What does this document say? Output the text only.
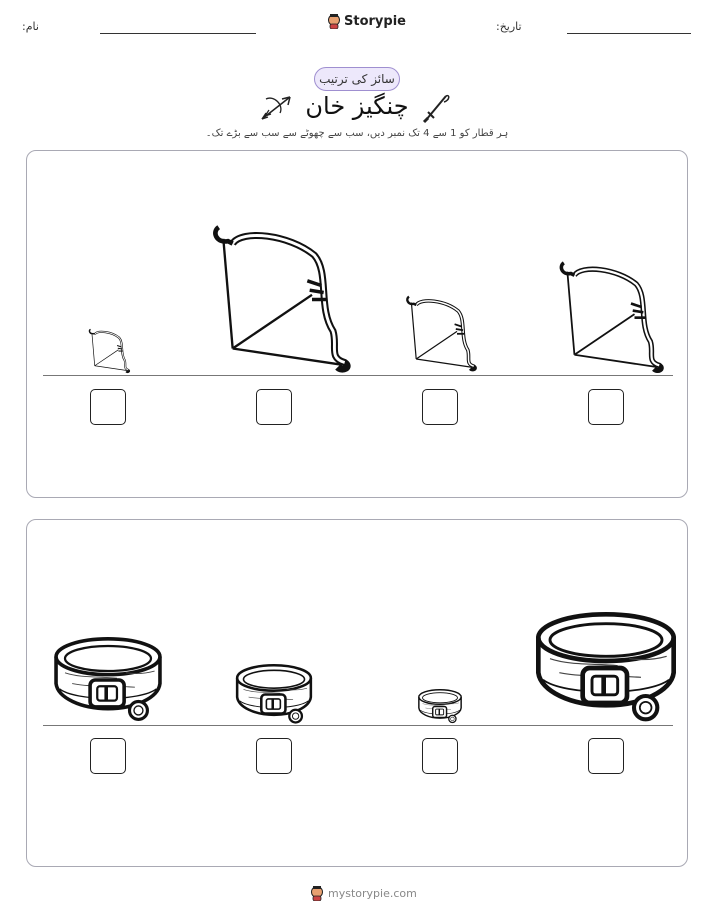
نام:	Storypie	تاریخ:
سائز کی ترتیب
چنگیز خان
ہر قطار کو 1 سے 4 تک نمبر دیں، سب سے چھوٹے سے سب سے بڑے تک۔
mystorypie.com
